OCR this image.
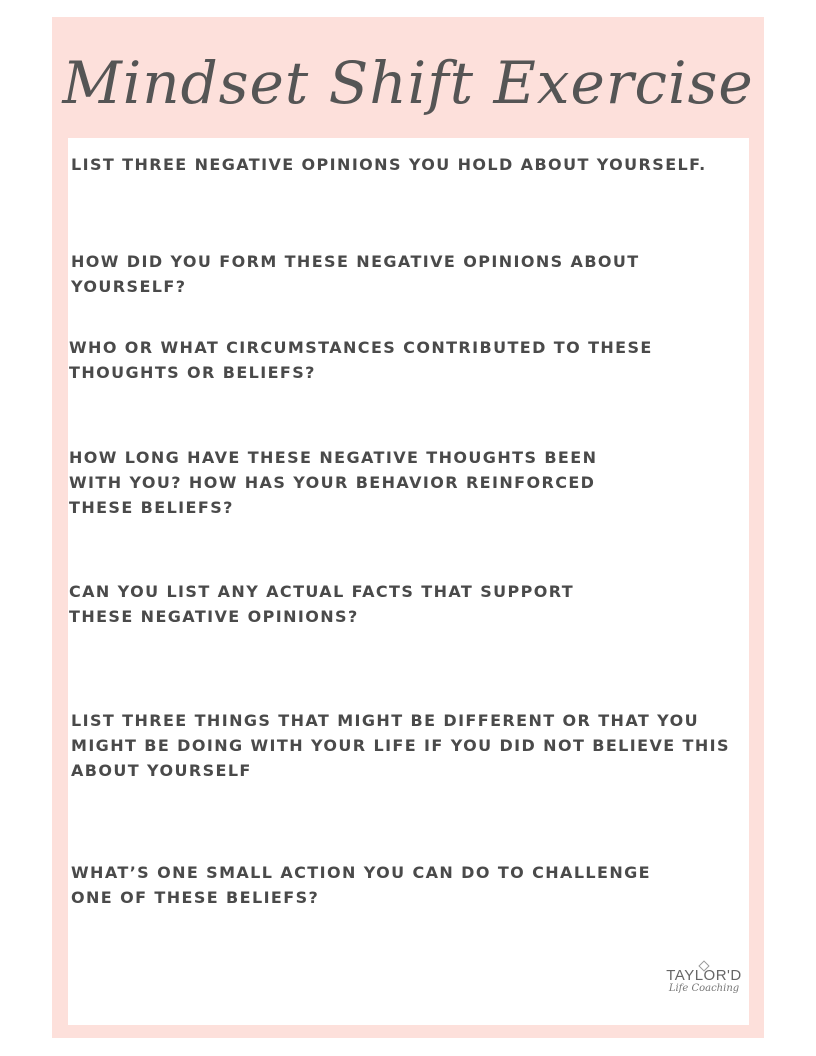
Mindset Shift Exercise

LIST THREE NEGATIVE OPINIONS YOU HOLD ABOUT YOURSELF.

HOW DID YOU FORM THESE NEGATIVE OPINIONS ABOUT YOURSELF?

WHO OR WHAT CIRCUMSTANCES CONTRIBUTED TO THESE THOUGHTS OR BELIEFS?

HOW LONG HAVE THESE NEGATIVE THOUGHTS BEEN WITH YOU? HOW HAS YOUR BEHAVIOR REINFORCED THESE BELIEFS?

CAN YOU LIST ANY ACTUAL FACTS THAT SUPPORT THESE NEGATIVE OPINIONS?

LIST THREE THINGS THAT MIGHT BE DIFFERENT OR THAT YOU MIGHT BE DOING WITH YOUR LIFE IF YOU DID NOT BELIEVE THIS ABOUT YOURSELF

WHAT’S ONE SMALL ACTION YOU CAN DO TO CHALLENGE ONE OF THESE BELIEFS?

TAYLOR'D
Life Coaching
